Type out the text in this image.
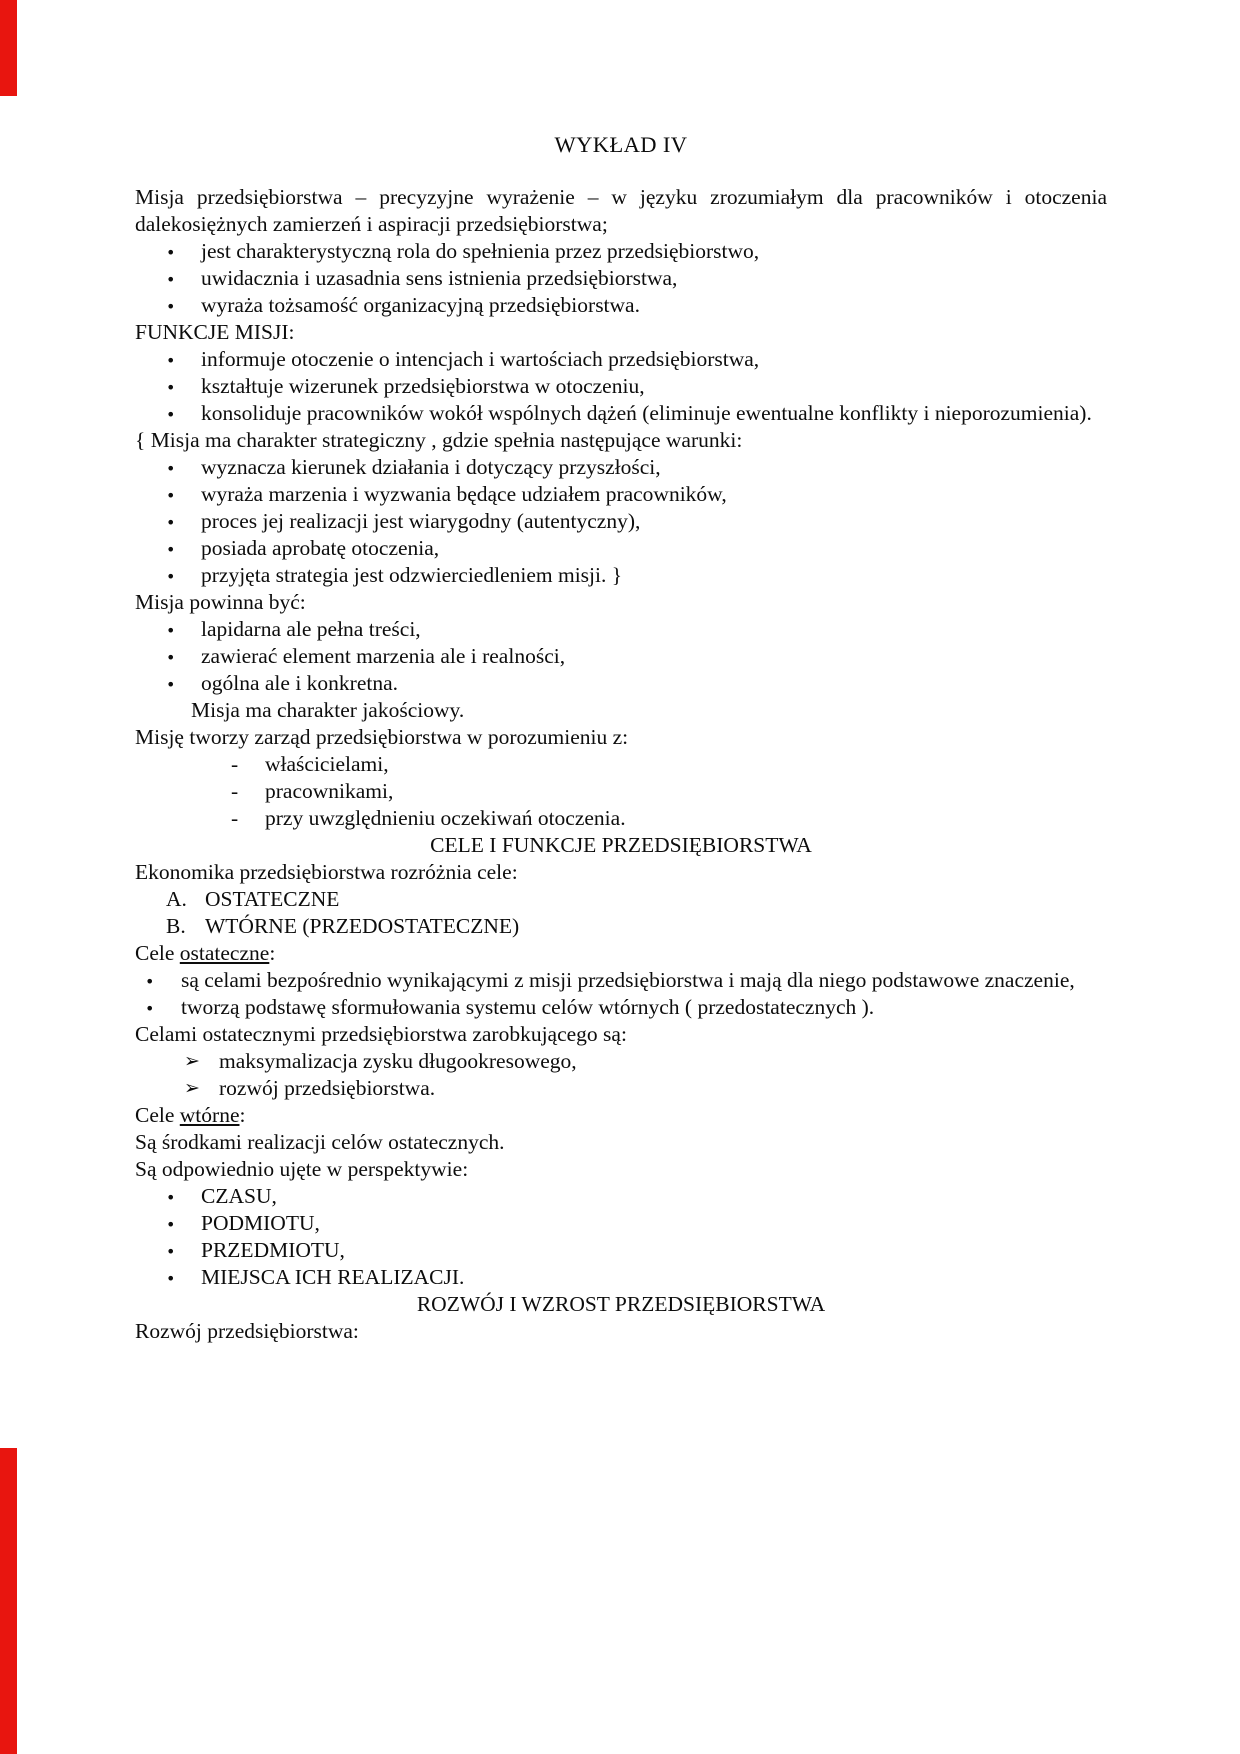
WYKŁAD IV

Misja przedsiębiorstwa – precyzyjne wyrażenie – w języku zrozumiałym dla pracowników i otoczenia dalekosiężnych zamierzeń i aspiracji przedsiębiorstwa;

• jest charakterystyczną rola do spełnienia przez przedsiębiorstwo,
• uwidacznia i uzasadnia sens istnienia przedsiębiorstwa,
• wyraża tożsamość organizacyjną przedsiębiorstwa.

FUNKCJE MISJI:

• informuje otoczenie o intencjach i wartościach przedsiębiorstwa,
• kształtuje wizerunek przedsiębiorstwa w otoczeniu,
• konsoliduje pracowników wokół wspólnych dążeń (eliminuje ewentualne konflikty i nieporozumienia).

{ Misja ma charakter strategiczny , gdzie spełnia następujące warunki:

• wyznacza kierunek działania i dotyczący przyszłości,
• wyraża marzenia i wyzwania będące udziałem pracowników,
• proces jej realizacji jest wiarygodny (autentyczny),
• posiada aprobatę otoczenia,
• przyjęta strategia jest odzwierciedleniem misji. }

Misja powinna być:

• lapidarna ale pełna treści,
• zawierać element marzenia ale i realności,
• ogólna ale i konkretna.

Misja ma charakter jakościowy.

Misję tworzy zarząd przedsiębiorstwa w porozumieniu z:

- właścicielami,
- pracownikami,
- przy uwzględnieniu oczekiwań otoczenia.

CELE I FUNKCJE PRZEDSIĘBIORSTWA

Ekonomika przedsiębiorstwa rozróżnia cele:

A. OSTATECZNE
B. WTÓRNE (PRZEDOSTATECZNE)

Cele ostateczne:

• są celami bezpośrednio wynikającymi z misji przedsiębiorstwa i mają dla niego podstawowe znaczenie,
• tworzą podstawę sformułowania systemu celów wtórnych ( przedostatecznych ).

Celami ostatecznymi przedsiębiorstwa zarobkującego są:

➢ maksymalizacja zysku długookresowego,
➢ rozwój przedsiębiorstwa.

Cele wtórne:

Są środkami realizacji celów ostatecznych.

Są odpowiednio ujęte w perspektywie:

• CZASU,
• PODMIOTU,
• PRZEDMIOTU,
• MIEJSCA ICH REALIZACJI.

ROZWÓJ I WZROST PRZEDSIĘBIORSTWA

Rozwój przedsiębiorstwa:
